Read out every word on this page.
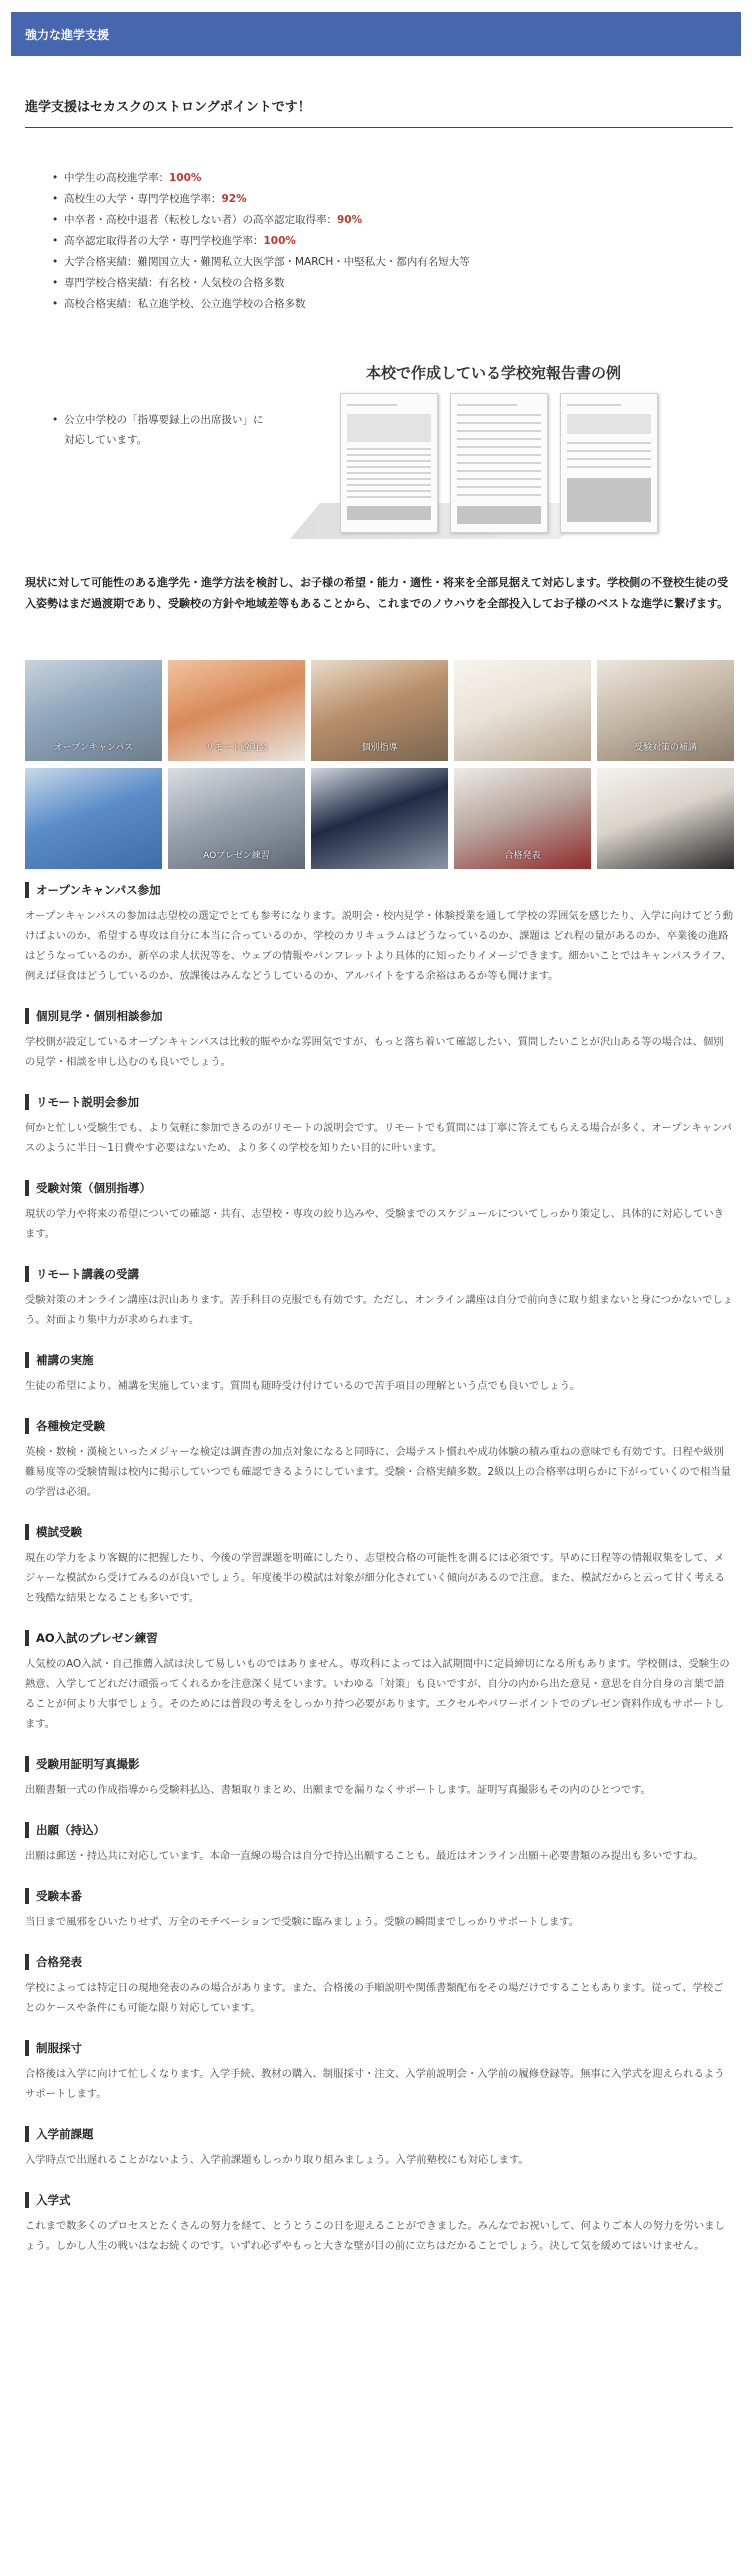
強力な進学支援
進学支援はセカスクのストロングポイントです！
• 中学生の高校進学率：100%
• 高校生の大学・専門学校進学率：92%
• 中卒者・高校中退者（転校しない者）の高卒認定取得率：90%
• 高卒認定取得者の大学・専門学校進学率：100%
• 大学合格実績：難関国立大・難関私立大医学部・MARCH・中堅私大・都内有名短大等
• 専門学校合格実績：有名校・人気校の合格多数
• 高校合格実績：私立進学校、公立進学校の合格多数
本校で作成している学校宛報告書の例
• 公立中学校の「指導要録上の出席扱い」に対応しています。
現状に対して可能性のある進学先・進学方法を検討し、お子様の希望・能力・適性・将来を全部見据えて対応します。学校側の不登校生徒の受入姿勢はまだ過渡期であり、受験校の方針や地域差等もあることから、これまでのノウハウを全部投入してお子様のベストな進学に繋げます。
オープンキャンパス	リモート説明会	個別指導	受験対策の補講
AOプレゼン練習	合格発表
オープンキャンパス参加

オープンキャンパスの参加は志望校の選定でとても参考になります。説明会・校内見学・体験授業を通して学校の雰囲気を感じたり、入学に向けてどう動けばよいのか、希望する専攻は自分に本当に合っているのか、学校のカリキュラムはどうなっているのか、課題は どれ程の量があるのか、卒業後の進路はどうなっているのか、新卒の求人状況等を、ウェブの情報やパンフレットより具体的に知ったりイメージできます。細かいことではキャンパスライフ、例えば昼食はどうしているのか、放課後はみんなどうしているのか、アルバイトをする余裕はあるか等も聞けます。

個別見学・個別相談参加

学校側が設定しているオープンキャンパスは比較的賑やかな雰囲気ですが、もっと落ち着いて確認したい、質問したいことが沢山ある等の場合は、個別の見学・相談を申し込むのも良いでしょう。

リモート説明会参加

何かと忙しい受験生でも、より気軽に参加できるのがリモートの説明会です。リモートでも質問には丁寧に答えてもらえる場合が多く、オープンキャンパスのように半日〜1日費やす必要はないため、より多くの学校を知りたい目的に叶います。

受験対策（個別指導）

現状の学力や将来の希望についての確認・共有、志望校・専攻の絞り込みや、受験までのスケジュールについてしっかり策定し、具体的に対応していきます。

リモート講義の受講

受験対策のオンライン講座は沢山あります。苦手科目の克服でも有効です。ただし、オンライン講座は自分で前向きに取り組まないと身につかないでしょう。対面より集中力が求められます。

補講の実施

生徒の希望により、補講を実施しています。質問も随時受け付けているので苦手項目の理解という点でも良いでしょう。

各種検定受験

英検・数検・漢検といったメジャーな検定は調査書の加点対象になると同時に、会場テスト慣れや成功体験の積み重ねの意味でも有効です。日程や級別難易度等の受験情報は校内に掲示していつでも確認できるようにしています。受験・合格実績多数。2級以上の合格率は明らかに下がっていくので相当量の学習は必須。

模試受験

現在の学力をより客観的に把握したり、今後の学習課題を明確にしたり、志望校合格の可能性を測るには必須です。早めに日程等の情報収集をして、メジャーな模試から受けてみるのが良いでしょう。年度後半の模試は対象が細分化されていく傾向があるので注意。また、模試だからと云って甘く考えると残酷な結果となることも多いです。

AO入試のプレゼン練習

人気校のAO入試・自己推薦入試は決して易しいものではありません。専攻科によっては入試期間中に定員締切になる所もあります。学校側は、受験生の熱意、入学してどれだけ頑張ってくれるかを注意深く見ています。いわゆる「対策」も良いですが、自分の内から出た意見・意思を自分自身の言葉で語ることが何より大事でしょう。そのためには普段の考えをしっかり持つ必要があります。エクセルやパワーポイントでのプレゼン資料作成もサポートします。

受験用証明写真撮影

出願書類一式の作成指導から受験料払込、書類取りまとめ、出願までを漏りなくサポートします。証明写真撮影もその内のひとつです。

出願（持込）

出願は郵送・持込共に対応しています。本命一直線の場合は自分で持込出願することも。最近はオンライン出願＋必要書類のみ提出も多いですね。

受験本番

当日まで風邪をひいたりせず、万全のモチベーションで受験に臨みましょう。受験の瞬間までしっかりサポートします。

合格発表

学校によっては特定日の現地発表のみの場合があります。また、合格後の手順説明や関係書類配布をその場だけですることもあります。従って、学校ごとのケースや条件にも可能な限り対応しています。

制服採寸

合格後は入学に向けて忙しくなります。入学手続、教材の購入、制服採寸・注文、入学前説明会・入学前の履修登録等。無事に入学式を迎えられるようサポートします。

入学前課題

入学時点で出遅れることがないよう、入学前課題もしっかり取り組みましょう。入学前塾校にも対応します。

入学式

これまで数多くのプロセスとたくさんの努力を経て、とうとうこの日を迎えることができました。みんなでお祝いして、何よりご本人の努力を労いましょう。しかし人生の戦いはなお続くのです。いずれ必ずやもっと大きな壁が目の前に立ちはだかることでしょう。決して気を緩めてはいけません。
